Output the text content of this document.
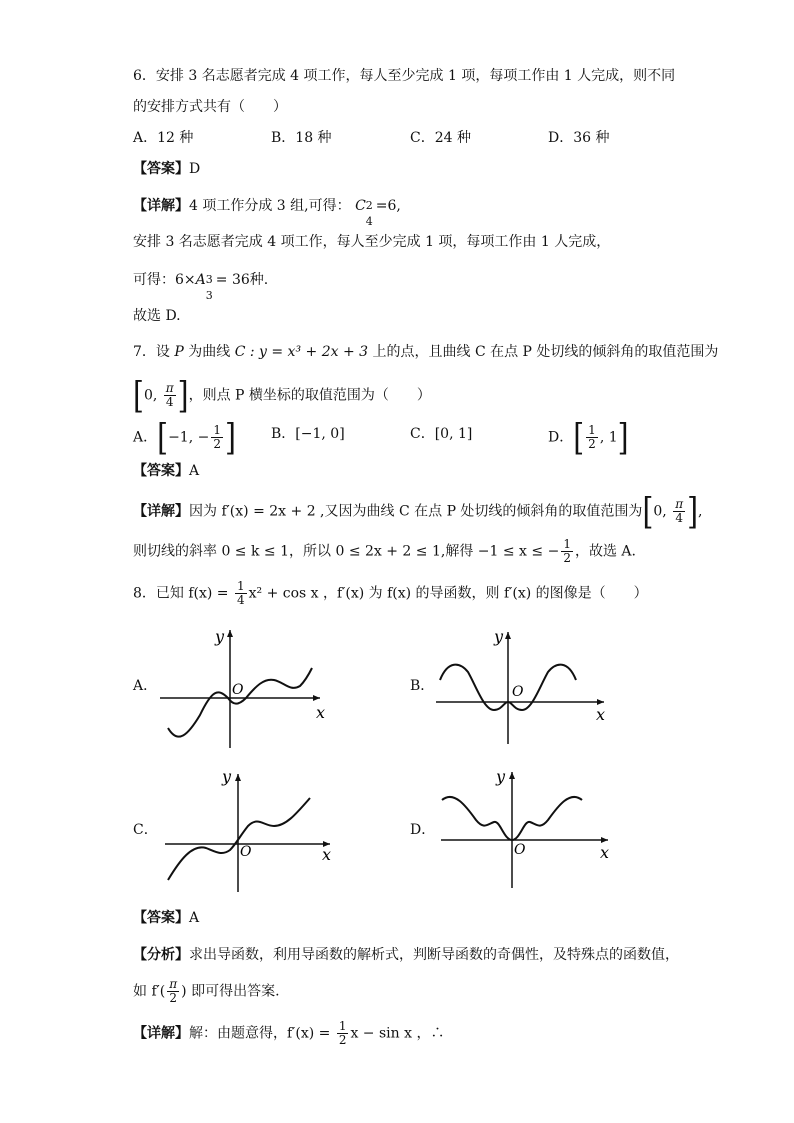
6．安排 3 名志愿者完成 4 项工作，每人至少完成 1 项，每项工作由 1 人完成，则不同
的安排方式共有（　　）
A．12 种	B．18 种	C．24 种	D．36 种
【答案】D
【详解】4 项工作分成 3 组,可得： C 2
4
=6,
安排 3 名志愿者完成 4 项工作，每人至少完成 1 项，每项工作由 1 人完成，
可得：6×A 3
3
= 36种.
故选 D.
7．设 P 为曲线 C : y = x³ + 2x + 3 上的点，且曲线 C 在点 P 处切线的倾斜角的取值范围为
[0, $\frac{\pi}{4}$ ]，则点 P 横坐标的取值范围为（　　）
A．[−1, − $\frac{1}{2}$ ]	B．[−1, 0]	C．[0, 1]	D．[ $\frac{1}{2}$ , 1]
【答案】A
【详解】因为 f′(x) = 2x + 2 ,又因为曲线 C 在点 P 处切线的倾斜角的取值范围为[0, $\frac{\pi}{4}$ ],
则切线的斜率 0 ≤ k ≤ 1，所以 0 ≤ 2x + 2 ≤ 1,解得 −1 ≤ x ≤ − $\frac{1}{2}$ ，故选 A.
8．已知 $f(x) = \frac{1}{4} x^2 + \cos x$ ，f′(x) 为 f(x) 的导函数，则 f′(x) 的图像是（　　）
A．
y
O
x
B．
y
O
x
C．
y
O	x
D．
y
O	x
【答案】A
【分析】求出导函数，利用导函数的解析式，判断导函数的奇偶性，及特殊点的函数值，
如 $f'( \frac{\pi}{2}$ ) 即可得出答案.
【详解】解：由题意得，$f'(x) = \frac{1}{2}$ x − sin x ，∴
